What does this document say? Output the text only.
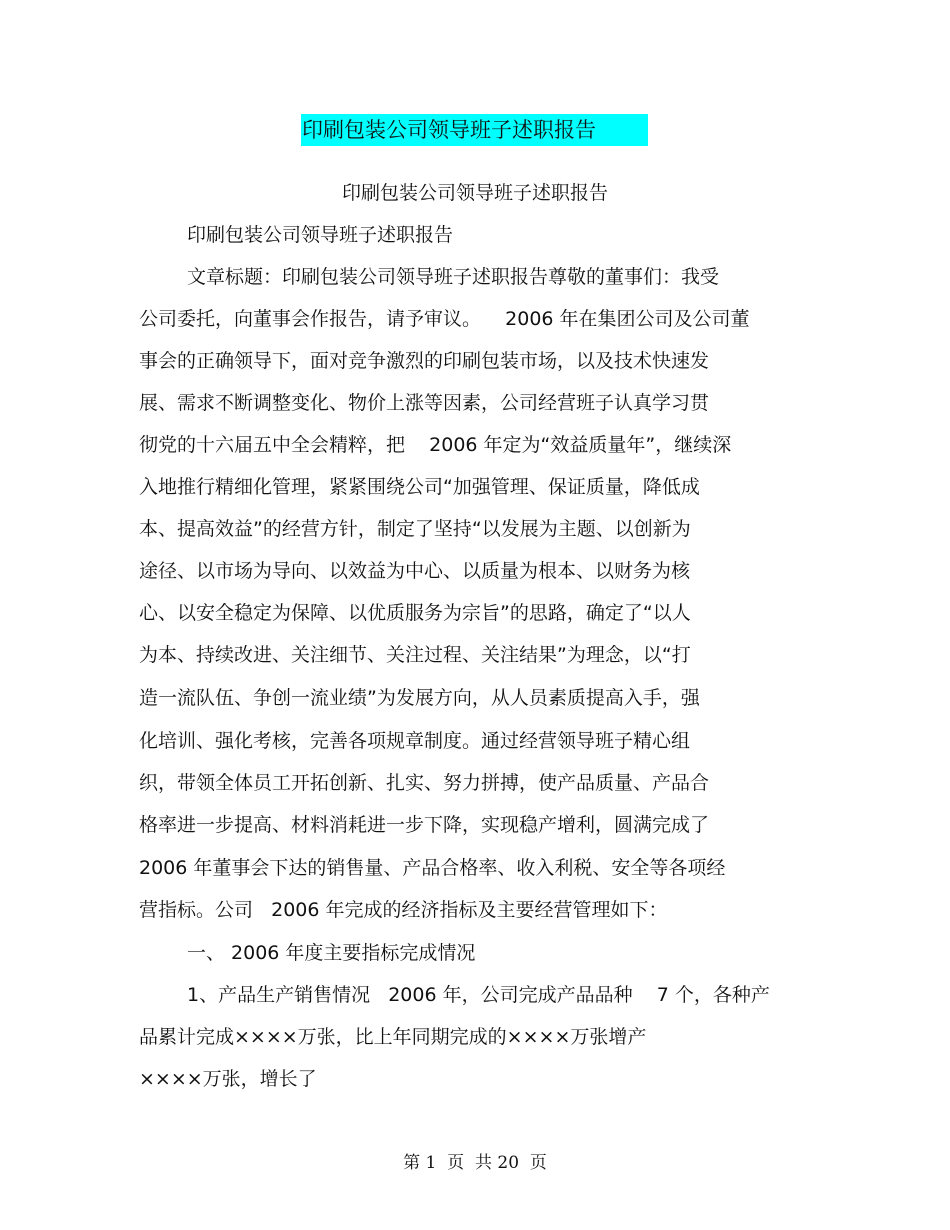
印刷包装公司领导班子述职报告
印刷包装公司领导班子述职报告
印刷包装公司领导班子述职报告
文章标题：印刷包装公司领导班子述职报告尊敬的董事们：我受
公司委托，向董事会作报告，请予审议。    2006 年在集团公司及公司董
事会的正确领导下，面对竞争激烈的印刷包装市场，以及技术快速发
展、需求不断调整变化、物价上涨等因素，公司经营班子认真学习贯
彻党的十六届五中全会精粹，把    2006 年定为“效益质量年”，继续深
入地推行精细化管理，紧紧围绕公司“加强管理、保证质量，降低成
本、提高效益”的经营方针，制定了坚持“以发展为主题、以创新为
途径、以市场为导向、以效益为中心、以质量为根本、以财务为核
心、以安全稳定为保障、以优质服务为宗旨”的思路，确定了“以人
为本、持续改进、关注细节、关注过程、关注结果”为理念，以“打
造一流队伍、争创一流业绩”为发展方向，从人员素质提高入手，强
化培训、强化考核，完善各项规章制度。通过经营领导班子精心组
织，带领全体员工开拓创新、扎实、努力拼搏，使产品质量、产品合
格率进一步提高、材料消耗进一步下降，实现稳产增利，圆满完成了
2006 年董事会下达的销售量、产品合格率、收入利税、安全等各项经
营指标。公司   2006 年完成的经济指标及主要经营管理如下：
一、 2006 年度主要指标完成情况
1、产品生产销售情况   2006 年，公司完成产品品种    7 个，各种产
品累计完成××××万张，比上年同期完成的××××万张增产
××××万张，增长了
第 1  页  共 20  页
